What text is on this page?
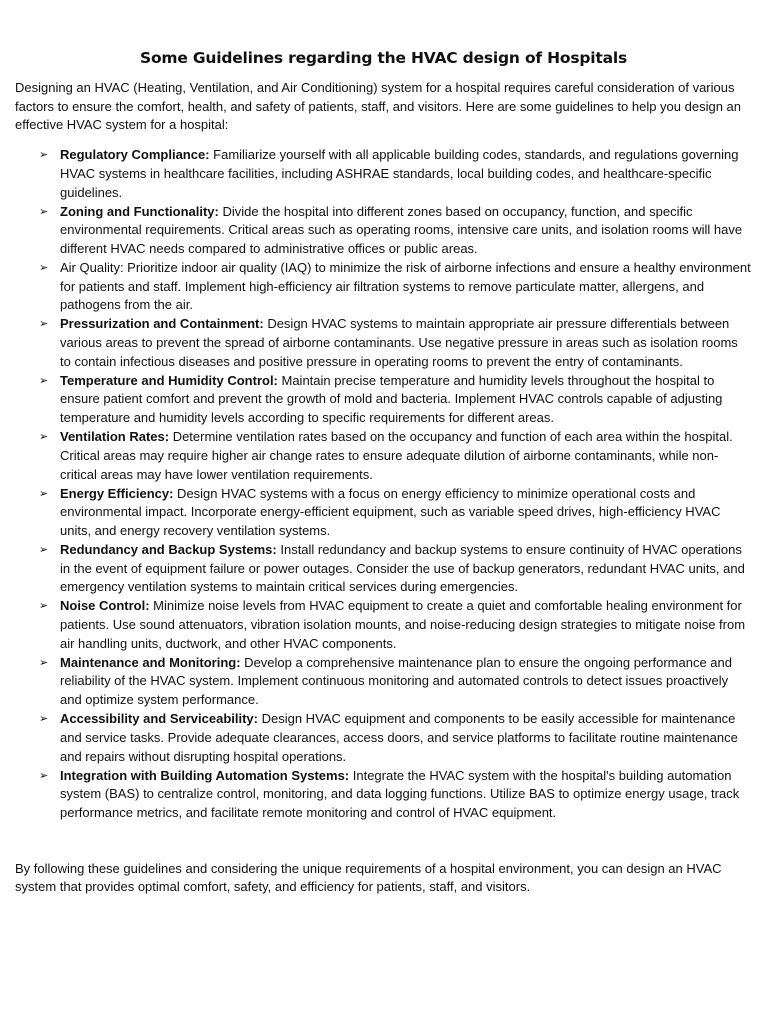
Some Guidelines regarding the HVAC design of Hospitals

Designing an HVAC (Heating, Ventilation, and Air Conditioning) system for a hospital requires careful consideration of various factors to ensure the comfort, health, and safety of patients, staff, and visitors. Here are some guidelines to help you design an effective HVAC system for a hospital:

➢ Regulatory Compliance: Familiarize yourself with all applicable building codes, standards, and regulations governing HVAC systems in healthcare facilities, including ASHRAE standards, local building codes, and healthcare-specific guidelines.
➢ Zoning and Functionality: Divide the hospital into different zones based on occupancy, function, and specific environmental requirements. Critical areas such as operating rooms, intensive care units, and isolation rooms will have different HVAC needs compared to administrative offices or public areas.
➢ Air Quality: Prioritize indoor air quality (IAQ) to minimize the risk of airborne infections and ensure a healthy environment for patients and staff. Implement high-efficiency air filtration systems to remove particulate matter, allergens, and pathogens from the air.
➢ Pressurization and Containment: Design HVAC systems to maintain appropriate air pressure differentials between various areas to prevent the spread of airborne contaminants. Use negative pressure in areas such as isolation rooms to contain infectious diseases and positive pressure in operating rooms to prevent the entry of contaminants.
➢ Temperature and Humidity Control: Maintain precise temperature and humidity levels throughout the hospital to ensure patient comfort and prevent the growth of mold and bacteria. Implement HVAC controls capable of adjusting temperature and humidity levels according to specific requirements for different areas.
➢ Ventilation Rates: Determine ventilation rates based on the occupancy and function of each area within the hospital. Critical areas may require higher air change rates to ensure adequate dilution of airborne contaminants, while non-critical areas may have lower ventilation requirements.
➢ Energy Efficiency: Design HVAC systems with a focus on energy efficiency to minimize operational costs and environmental impact. Incorporate energy-efficient equipment, such as variable speed drives, high-efficiency HVAC units, and energy recovery ventilation systems.
➢ Redundancy and Backup Systems: Install redundancy and backup systems to ensure continuity of HVAC operations in the event of equipment failure or power outages. Consider the use of backup generators, redundant HVAC units, and emergency ventilation systems to maintain critical services during emergencies.
➢ Noise Control: Minimize noise levels from HVAC equipment to create a quiet and comfortable healing environment for patients. Use sound attenuators, vibration isolation mounts, and noise-reducing design strategies to mitigate noise from air handling units, ductwork, and other HVAC components.
➢ Maintenance and Monitoring: Develop a comprehensive maintenance plan to ensure the ongoing performance and reliability of the HVAC system. Implement continuous monitoring and automated controls to detect issues proactively and optimize system performance.
➢ Accessibility and Serviceability: Design HVAC equipment and components to be easily accessible for maintenance and service tasks. Provide adequate clearances, access doors, and service platforms to facilitate routine maintenance and repairs without disrupting hospital operations.
➢ Integration with Building Automation Systems: Integrate the HVAC system with the hospital's building automation system (BAS) to centralize control, monitoring, and data logging functions. Utilize BAS to optimize energy usage, track performance metrics, and facilitate remote monitoring and control of HVAC equipment.

By following these guidelines and considering the unique requirements of a hospital environment, you can design an HVAC system that provides optimal comfort, safety, and efficiency for patients, staff, and visitors.
